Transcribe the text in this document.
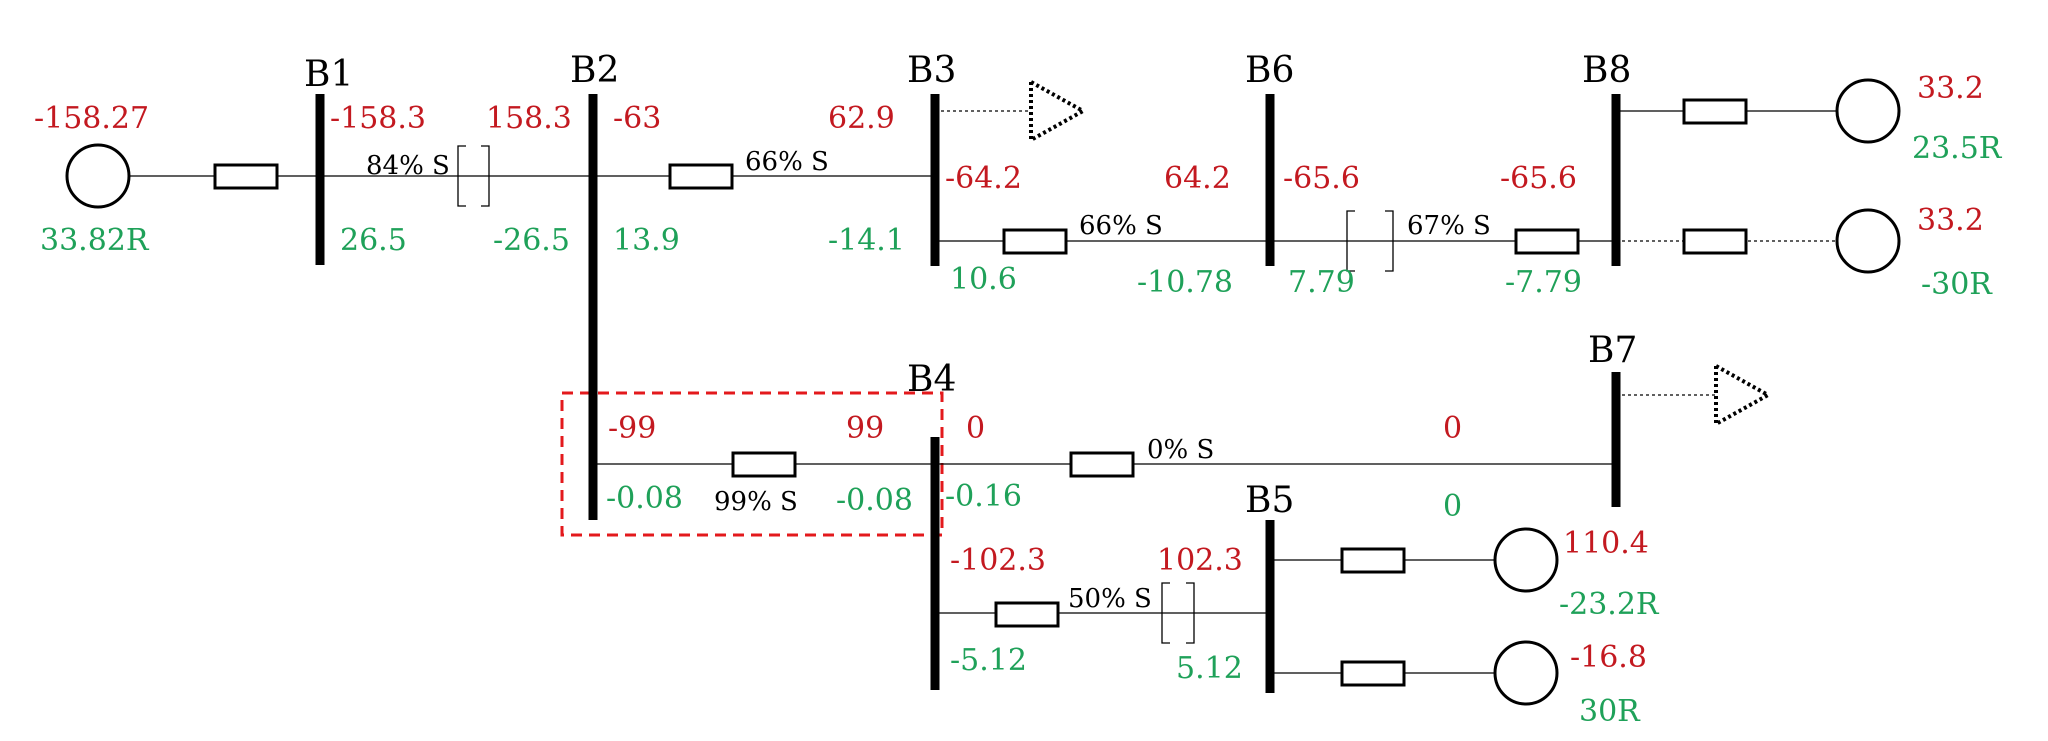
B1	B2	B3
B4
B5
B6
B7
B8
-158.27
33.82R
33.2
23.5R
33.2
-30R
110.4
-23.2R
-16.8
30R
-158.3
26.5
158.3
-26.5
84% S
-63
13.9
62.9
-14.1
66% S	-64.2
10.6
64.2
-10.78
66% S
-65.6
7.79
-65.6
-7.79
67% S
-99
-0.08
99
-0.08
99% S
0
-0.16
0
0
0% S
-102.3
-5.12
102.3
5.12
50% S
